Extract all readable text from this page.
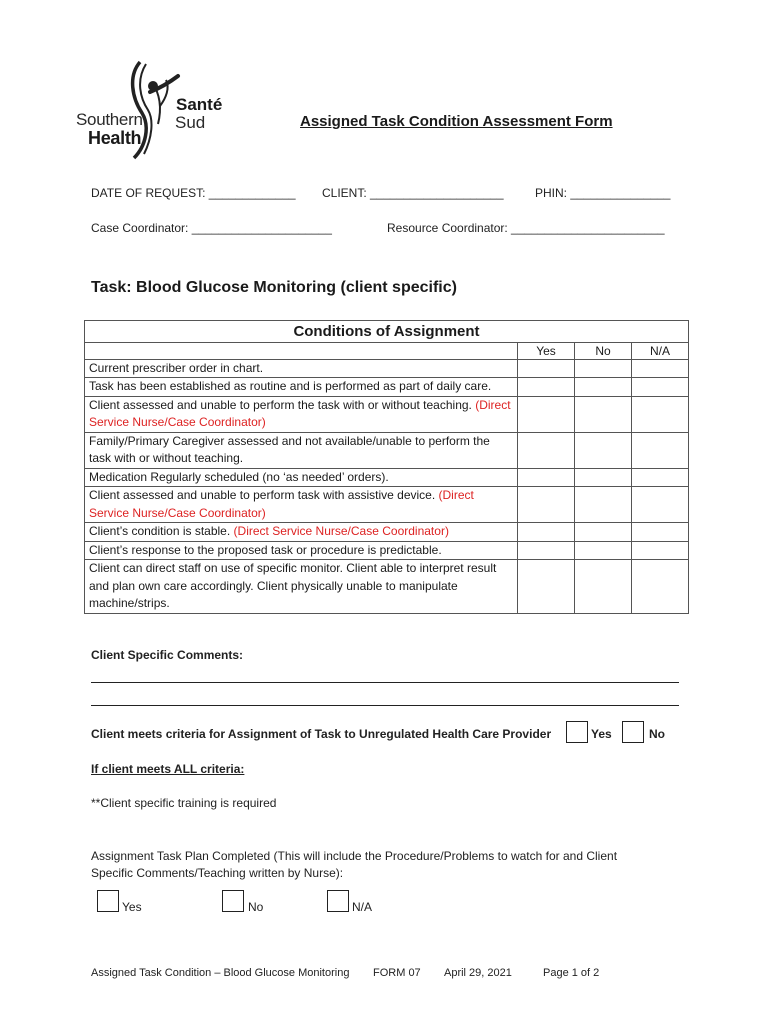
Santé
Southern Sud
Health
Assigned Task Condition Assessment Form
DATE OF REQUEST: _____________ CLIENT: ____________________	PHIN: _______________
Case Coordinator: _____________________	Resource Coordinator: _______________________
Task: Blood Glucose Monitoring (client specific)
Conditions of Assignment			
	Yes	No	N/A
Current prescriber order in chart.			
Task has been established as routine and is performed as part of daily care.			
Client assessed and unable to perform the task with or without teaching. (Direct Service Nurse/Case Coordinator)			
Family/Primary Caregiver assessed and not available/unable to perform the task with or without teaching.			
Medication Regularly scheduled (no ‘as needed’ orders).			
Client assessed and unable to perform task with assistive device. (Direct Service Nurse/Case Coordinator)			
Client’s condition is stable. (Direct Service Nurse/Case Coordinator)			
Client’s response to the proposed task or procedure is predictable.			
Client can direct staff on use of specific monitor. Client able to interpret result and plan own care accordingly. Client physically unable to manipulate machine/strips.			
Client Specific Comments:
Client meets criteria for Assignment of Task to Unregulated Health Care Provider	Yes	No
If client meets ALL criteria:
**Client specific training is required
Assignment Task Plan Completed (This will include the Procedure/Problems to watch for and Client Specific Comments/Teaching written by Nurse):
Yes	No	N/A
Assigned Task Condition – Blood Glucose Monitoring FORM 07 April 29, 2021	Page 1 of 2
